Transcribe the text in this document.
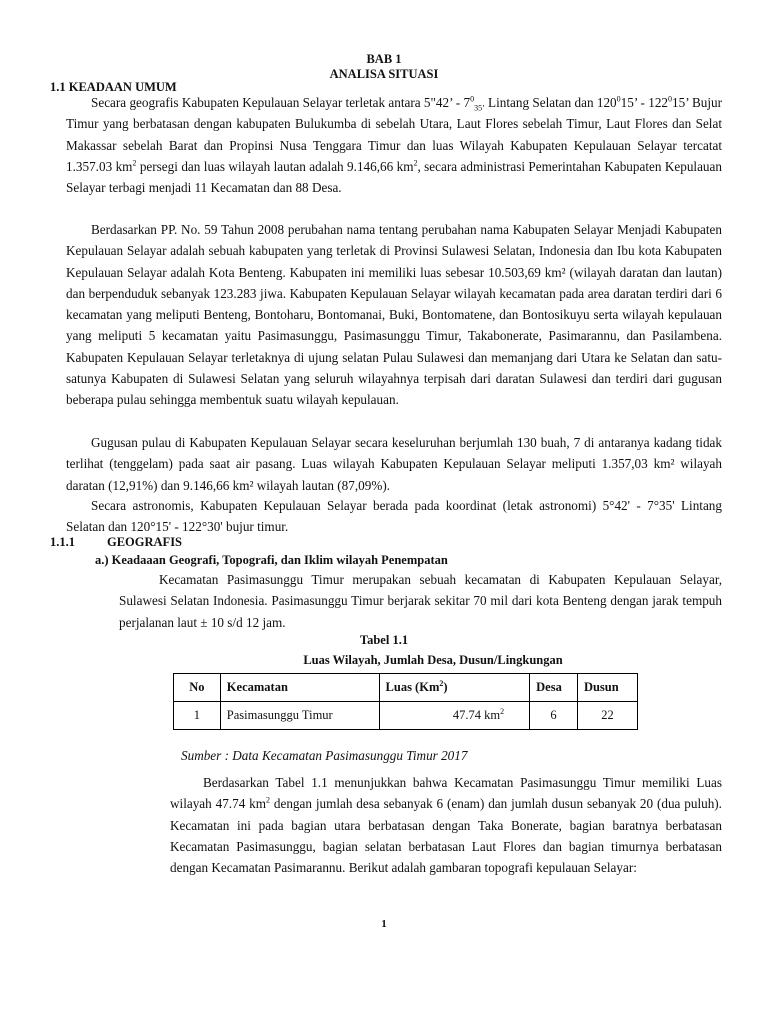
BAB 1
ANALISA SITUASI
1.1 KEADAAN UMUM

Secara geografis Kabupaten Kepulauan Selayar terletak antara 5"42’ - $7^0_{35’}$ Lintang Selatan dan $120^015$’ - $122^015$’ Bujur Timur yang berbatasan dengan kabupaten Bulukumba di sebelah Utara, Laut Flores sebelah Timur, Laut Flores dan Selat Makassar sebelah Barat dan Propinsi Nusa Tenggara Timur dan luas Wilayah Kabupaten Kepulauan Selayar tercatat 1.357.03 $km^2$ persegi dan luas wilayah lautan adalah 9.146,66 $km^2$, secara administrasi Pemerintahan Kabupaten Kepulauan Selayar terbagi menjadi 11 Kecamatan dan 88 Desa.

Berdasarkan PP. No. 59 Tahun 2008 perubahan nama tentang perubahan nama Kabupaten Selayar Menjadi Kabupaten Kepulauan Selayar adalah sebuah kabupaten yang terletak di Provinsi Sulawesi Selatan, Indonesia dan Ibu kota Kabupaten Kepulauan Selayar adalah Kota Benteng. Kabupaten ini memiliki luas sebesar 10.503,69 km² (wilayah daratan dan lautan) dan berpenduduk sebanyak 123.283 jiwa. Kabupaten Kepulauan Selayar wilayah kecamatan pada area daratan terdiri dari 6 kecamatan yang meliputi Benteng, Bontoharu, Bontomanai, Buki, Bontomatene, dan Bontosikuyu serta wilayah kepulauan yang meliputi 5 kecamatan yaitu Pasimasunggu, Pasimasunggu Timur, Takabonerate, Pasimarannu, dan Pasilambena. Kabupaten Kepulauan Selayar terletaknya di ujung selatan Pulau Sulawesi dan memanjang dari Utara ke Selatan dan satu-satunya Kabupaten di Sulawesi Selatan yang seluruh wilayahnya terpisah dari daratan Sulawesi dan terdiri dari gugusan beberapa pulau sehingga membentuk suatu wilayah kepulauan.

Gugusan pulau di Kabupaten Kepulauan Selayar secara keseluruhan berjumlah 130 buah, 7 di antaranya kadang tidak terlihat (tenggelam) pada saat air pasang. Luas wilayah Kabupaten Kepulauan Selayar meliputi 1.357,03 km² wilayah daratan (12,91%) dan 9.146,66 km² wilayah lautan (87,09%).

Secara astronomis, Kabupaten Kepulauan Selayar berada pada koordinat (letak astronomi) 5°42' - 7°35' Lintang Selatan dan 120°15' - 122°30' bujur timur.

1.1.1	GEOGRAFIS
a.) Keadaaan Geografi, Topografi, dan Iklim wilayah Penempatan

Kecamatan Pasimasunggu Timur merupakan sebuah kecamatan di Kabupaten Kepulauan Selayar, Sulawesi Selatan Indonesia. Pasimasunggu Timur berjarak sekitar 70 mil dari kota Benteng dengan jarak tempuh perjalanan laut ± 10 s/d 12 jam.

Tabel 1.1
Luas Wilayah, Jumlah Desa, Dusun/Lingkungan
No	Kecamatan	Luas (Km$^2$)	Desa	Dusun
1	Pasimasunggu Timur	47.74 $km^2$	6	22
Sumber : Data Kecamatan Pasimasunggu Timur 2017

Berdasarkan Tabel 1.1 menunjukkan bahwa Kecamatan Pasimasunggu Timur memiliki Luas wilayah 47.74 $km^2$ dengan jumlah desa sebanyak 6 (enam) dan jumlah dusun sebanyak 20 (dua puluh). Kecamatan ini pada bagian utara berbatasan dengan Taka Bonerate, bagian baratnya berbatasan Kecamatan Pasimasunggu, bagian selatan berbatasan Laut Flores dan bagian timurnya berbatasan dengan Kecamatan Pasimarannu. Berikut adalah gambaran topografi kepulauan Selayar:

1
